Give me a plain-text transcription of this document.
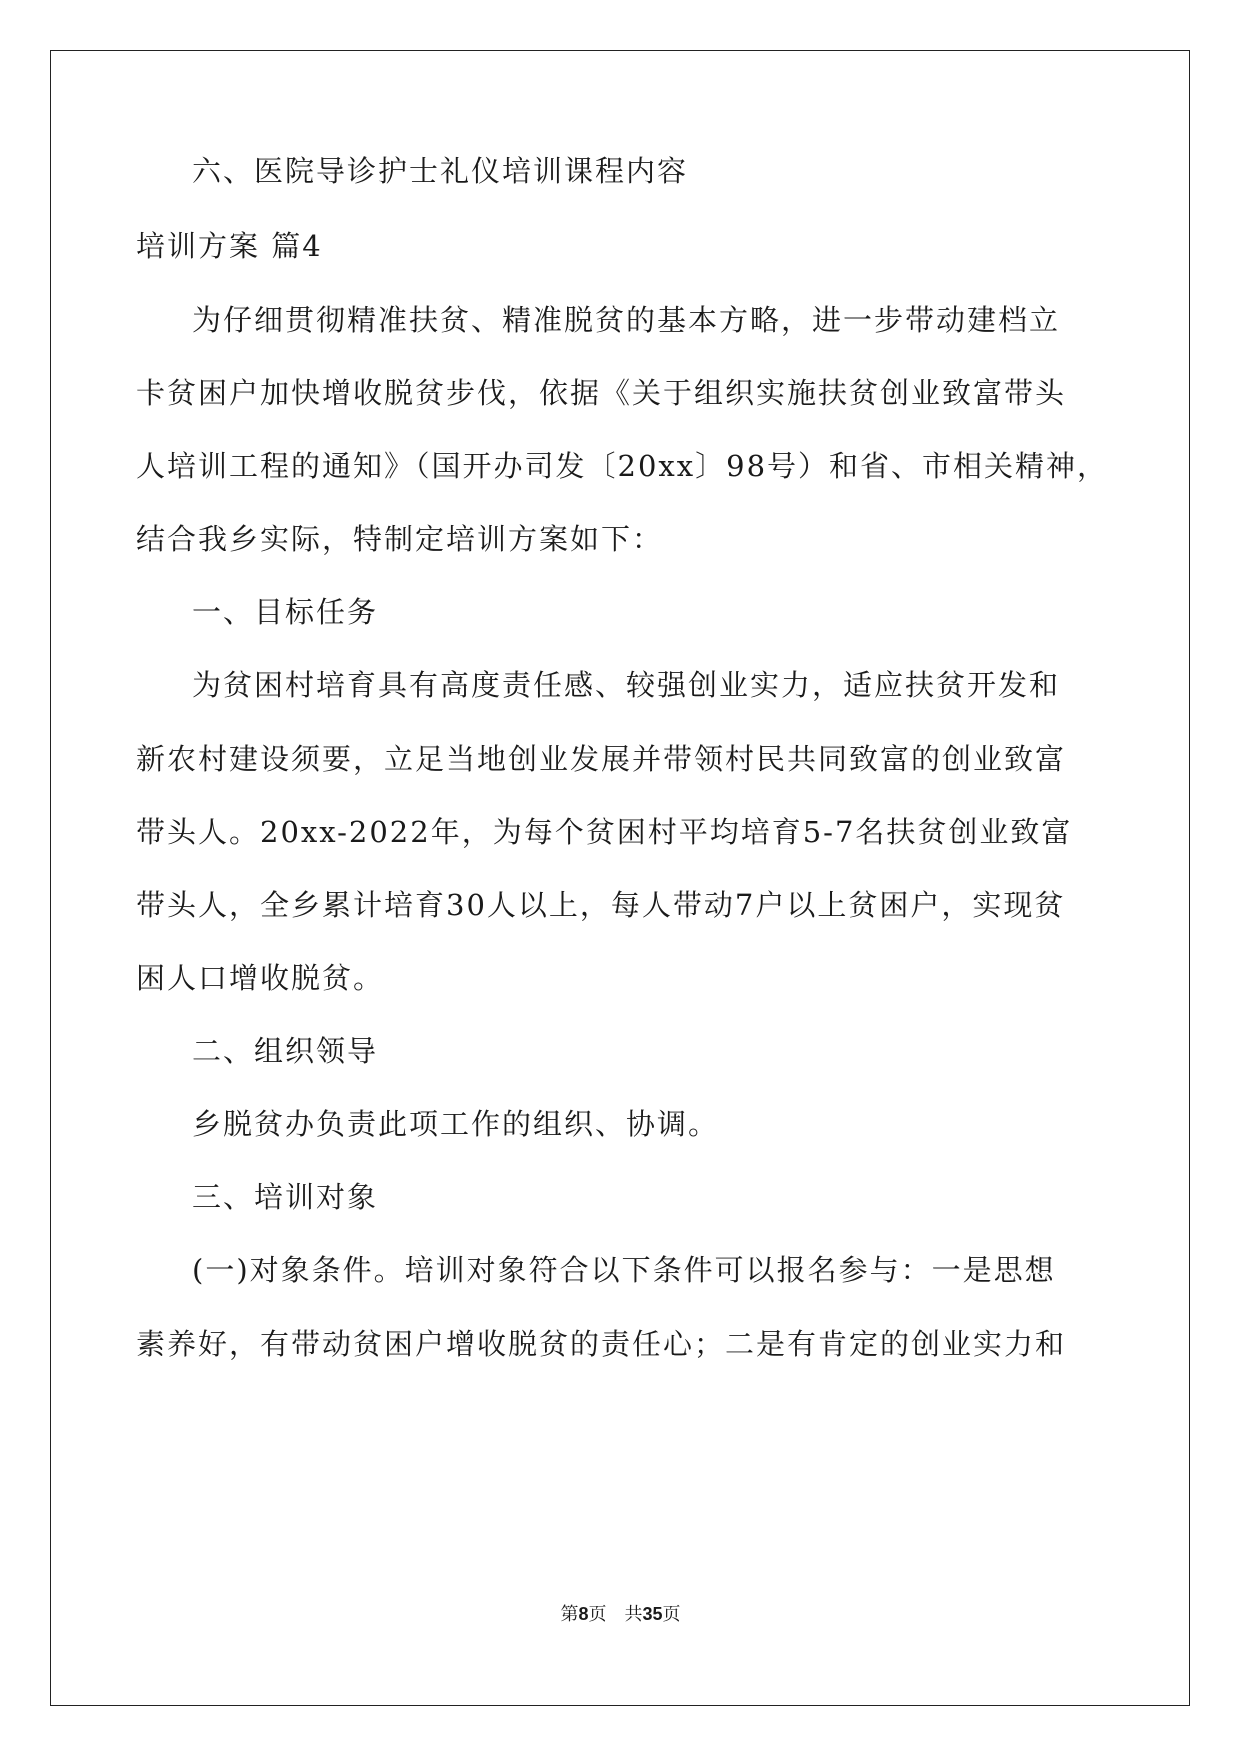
六、医院导诊护士礼仪培训课程内容
培训方案 篇4
为仔细贯彻精准扶贫、精准脱贫的基本方略，进一步带动建档立
卡贫困户加快增收脱贫步伐，依据《关于组织实施扶贫创业致富带头
人培训工程的通知》（国开办司发〔20xx〕98号）和省、市相关精神，
结合我乡实际，特制定培训方案如下：
一、目标任务
为贫困村培育具有高度责任感、较强创业实力，适应扶贫开发和
新农村建设须要，立足当地创业发展并带领村民共同致富的创业致富
带头人。20xx-2022年，为每个贫困村平均培育5-7名扶贫创业致富
带头人，全乡累计培育30人以上，每人带动7户以上贫困户，实现贫
困人口增收脱贫。
二、组织领导
乡脱贫办负责此项工作的组织、协调。
三、培训对象
(一)对象条件。培训对象符合以下条件可以报名参与：一是思想
素养好，有带动贫困户增收脱贫的责任心；二是有肯定的创业实力和
第8页　共35页
